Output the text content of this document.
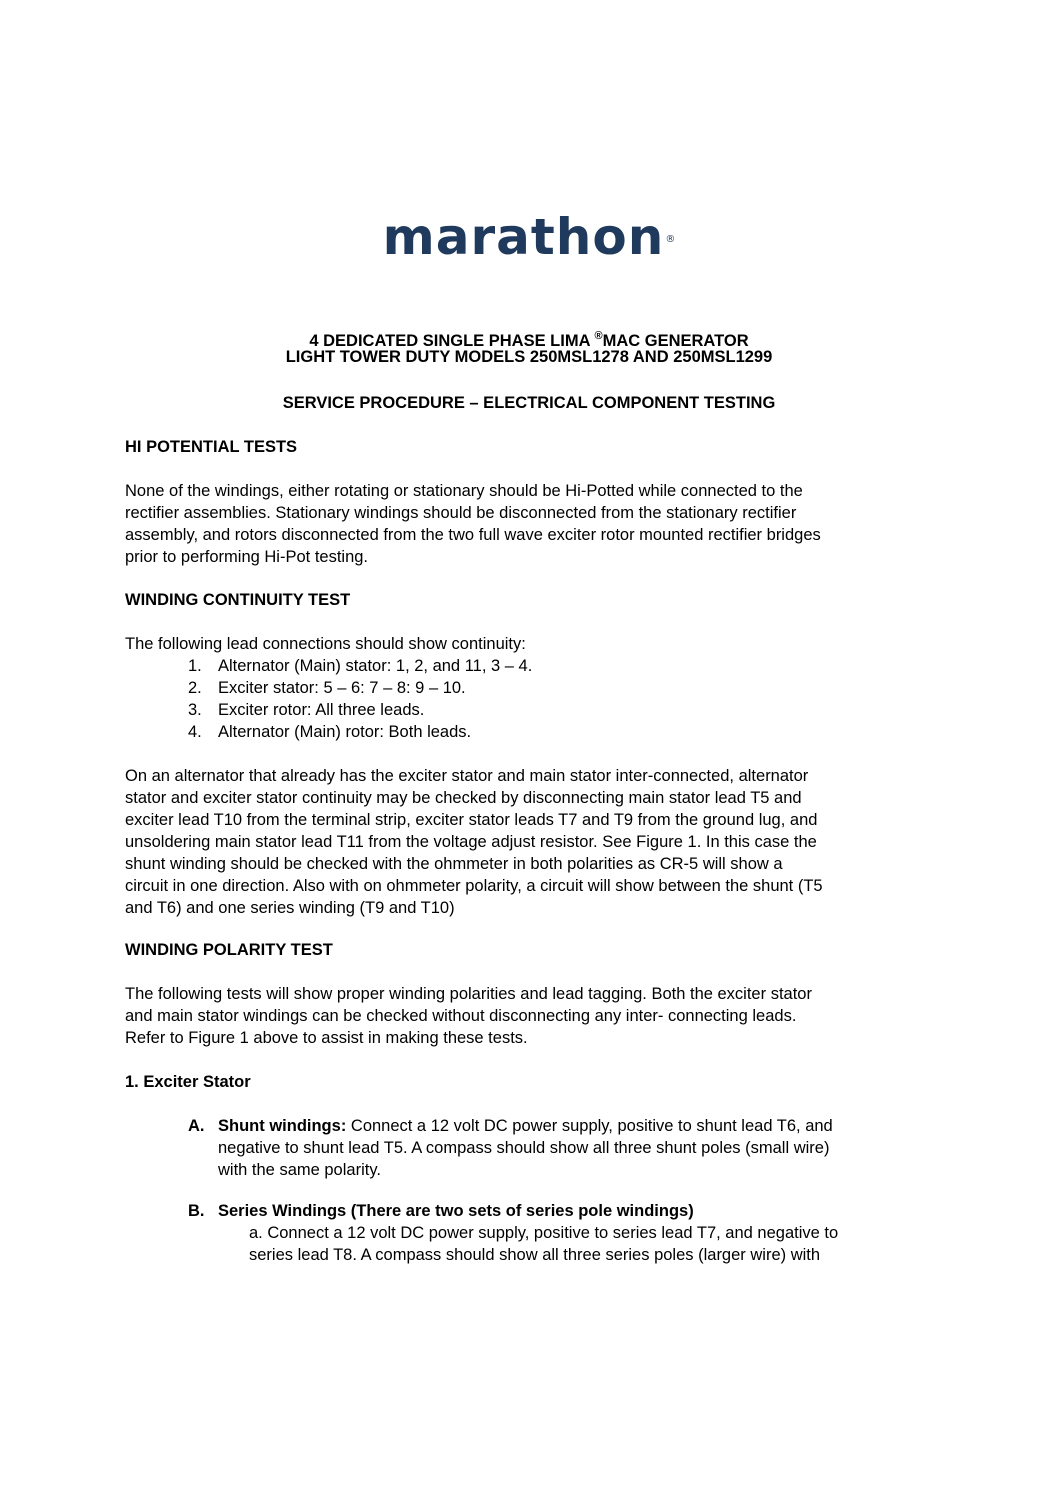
marathon®
4 DEDICATED SINGLE PHASE LIMA ®MAC GENERATOR
LIGHT TOWER DUTY MODELS 250MSL1278 AND 250MSL1299
SERVICE PROCEDURE – ELECTRICAL COMPONENT TESTING
HI POTENTIAL TESTS
None of the windings, either rotating or stationary should be Hi-Potted while connected to the
rectifier assemblies. Stationary windings should be disconnected from the stationary rectifier
assembly, and rotors disconnected from the two full wave exciter rotor mounted rectifier bridges
prior to performing Hi-Pot testing.
WINDING CONTINUITY TEST
The following lead connections should show continuity:
1. Alternator (Main) stator: 1, 2, and 11, 3 – 4.
2. Exciter stator: 5 – 6: 7 – 8: 9 – 10.
3. Exciter rotor: All three leads.
4. Alternator (Main) rotor: Both leads.
On an alternator that already has the exciter stator and main stator inter-connected, alternator
stator and exciter stator continuity may be checked by disconnecting main stator lead T5 and
exciter lead T10 from the terminal strip, exciter stator leads T7 and T9 from the ground lug, and
unsoldering main stator lead T11 from the voltage adjust resistor. See Figure 1. In this case the
shunt winding should be checked with the ohmmeter in both polarities as CR-5 will show a
circuit in one direction. Also with on ohmmeter polarity, a circuit will show between the shunt (T5
and T6) and one series winding (T9 and T10)
WINDING POLARITY TEST
The following tests will show proper winding polarities and lead tagging. Both the exciter stator
and main stator windings can be checked without disconnecting any inter- connecting leads.
Refer to Figure 1 above to assist in making these tests.
1. Exciter Stator
A. Shunt windings: Connect a 12 volt DC power supply, positive to shunt lead T6, and
negative to shunt lead T5. A compass should show all three shunt poles (small wire)
with the same polarity.
B. Series Windings (There are two sets of series pole windings)
a. Connect a 12 volt DC power supply, positive to series lead T7, and negative to
series lead T8. A compass should show all three series poles (larger wire) with
